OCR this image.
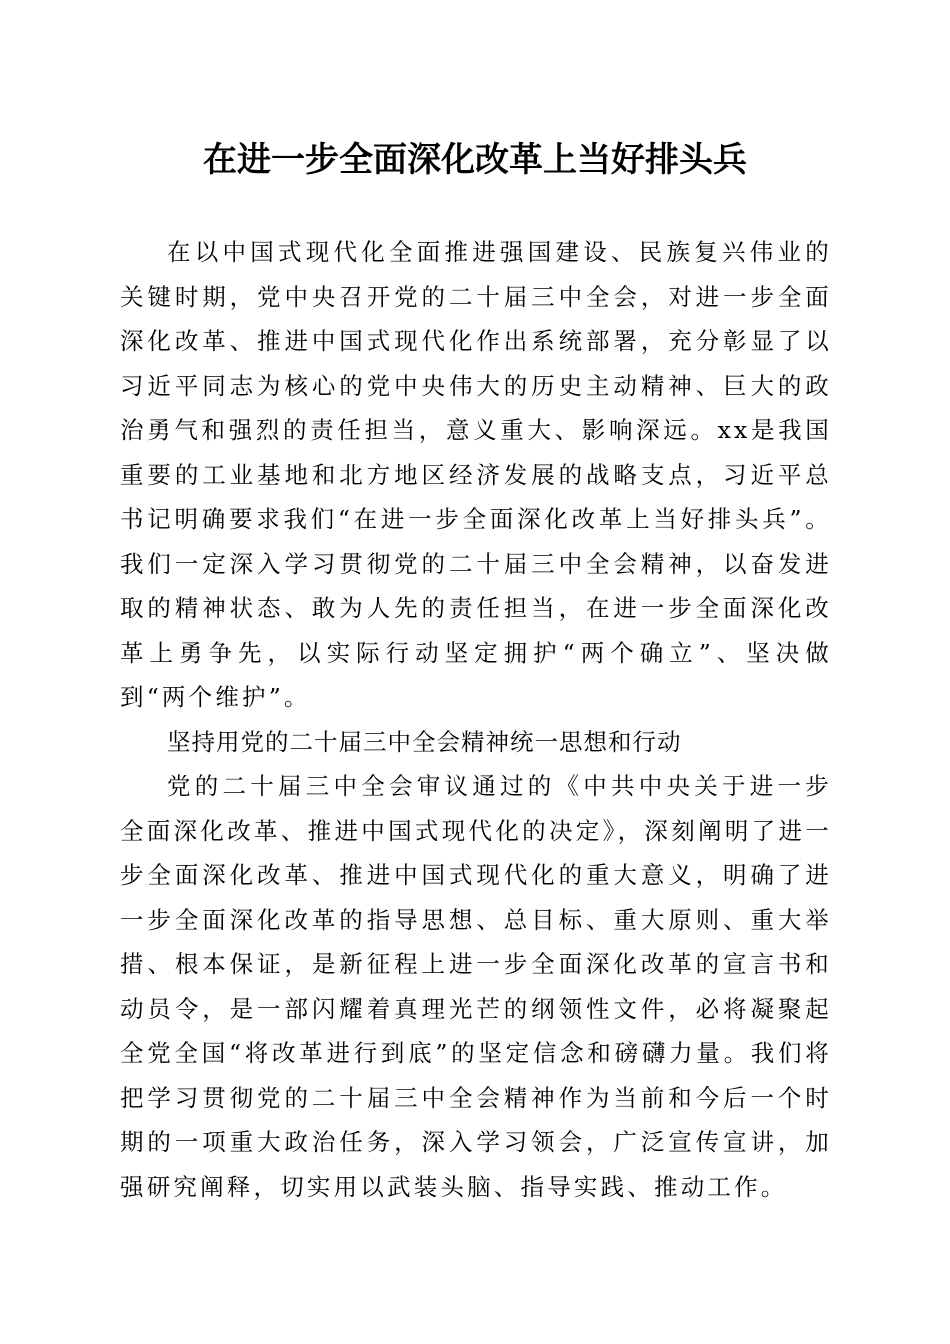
在进一步全面深化改革上当好排头兵

在以中国式现代化全面推进强国建设、民族复兴伟业的关键时期，党中央召开党的二十届三中全会，对进一步全面深化改革、推进中国式现代化作出系统部署，充分彰显了以习近平同志为核心的党中央伟大的历史主动精神、巨大的政治勇气和强烈的责任担当，意义重大、影响深远。xx是我国重要的工业基地和北方地区经济发展的战略支点，习近平总书记明确要求我们“在进一步全面深化改革上当好排头兵”。我们一定深入学习贯彻党的二十届三中全会精神，以奋发进取的精神状态、敢为人先的责任担当，在进一步全面深化改革上勇争先，以实际行动坚定拥护“两个确立”、坚决做到“两个维护”。

坚持用党的二十届三中全会精神统一思想和行动

党的二十届三中全会审议通过的《中共中央关于进一步全面深化改革、推进中国式现代化的决定》，深刻阐明了进一步全面深化改革、推进中国式现代化的重大意义，明确了进一步全面深化改革的指导思想、总目标、重大原则、重大举措、根本保证，是新征程上进一步全面深化改革的宣言书和动员令，是一部闪耀着真理光芒的纲领性文件，必将凝聚起全党全国“将改革进行到底”的坚定信念和磅礴力量。我们将把学习贯彻党的二十届三中全会精神作为当前和今后一个时期的一项重大政治任务，深入学习领会，广泛宣传宣讲，加强研究阐释，切实用以武装头脑、指导实践、推动工作。
